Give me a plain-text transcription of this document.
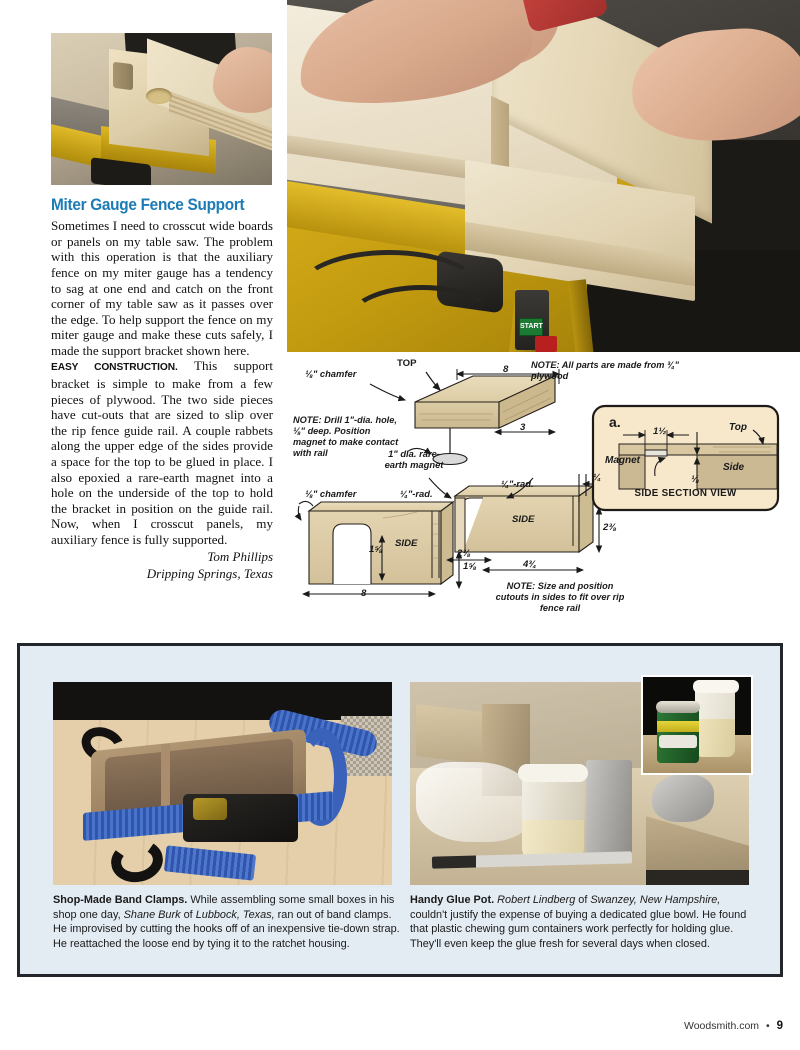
START
Miter Gauge Fence Support

Sometimes I need to crosscut wide boards or panels on my table saw. The problem with this operation is that the auxiliary fence on my miter gauge has a tendency to sag at one end and catch on the front corner of my table saw as it passes over the edge. To help support the fence on my miter gauge and make these cuts safely, I made the support bracket shown here.

EASY CONSTRUCTION. This support bracket is simple to make from a few pieces of plywood. The two side pieces have cut-outs that are sized to slip over the rip fence guide rail. A couple rabbets along the upper edge of the sides provide a space for the top to be glued in place. I also epoxied a rare-earth magnet into a hole on the underside of the top to hold the bracket in position on the guide rail. Now, when I crosscut panels, my auxiliary fence is fully supported.

Tom Phillips
Dripping Springs, Texas
⅛" chamfer
TOP
NOTE: Drill 1"-dia. hole, ⅛" deep. Position magnet to make contact with rail	1" dia. rare-earth magnet
NOTE: All parts are made from ¾" plywood
8
3
⅛" chamfer	¼"-rad.
¼"-rad.
¼
SIDE
SIDE
8
1⅝
1⅝
2⅜
4¾
2⅜
NOTE: Size and position cutouts in sides to fit over rip fence rail
a.
1½
⅛
Top
Side
Magnet
SIDE SECTION VIEW
Shop-Made Band Clamps. While assembling some small boxes in his shop one day, Shane Burk of Lubbock, Texas, ran out of band clamps. He improvised by cutting the hooks off of an inexpensive tie-down strap. He reattached the loose end by tying it to the ratchet housing.
Handy Glue Pot. Robert Lindberg of Swanzey, New Hampshire, couldn't justify the expense of buying a dedicated glue bowl. He found that plastic chewing gum containers work perfectly for holding glue. They'll even keep the glue fresh for several days when closed.
Woodsmith.com • 9
